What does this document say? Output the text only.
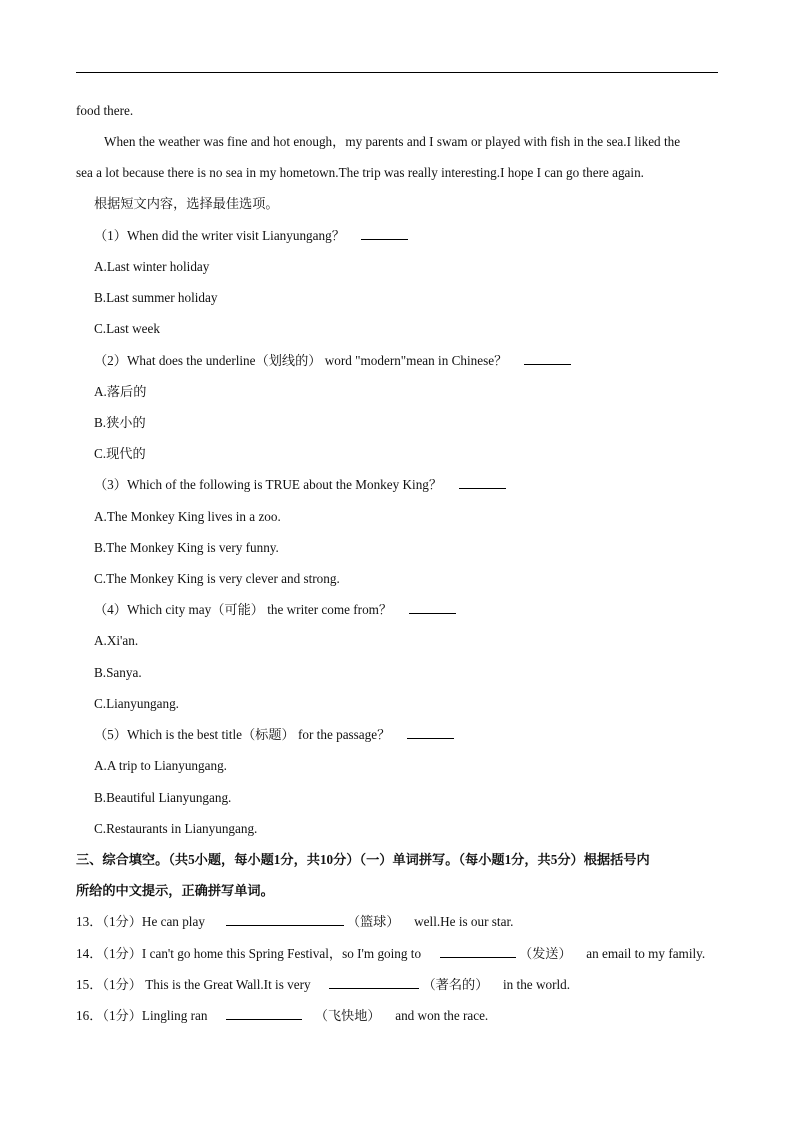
food there.
When the weather was fine and hot enough，my parents and I swam or played with fish in the sea.I liked the
sea a lot because there is no sea in my hometown.The trip was really interesting.I hope I can go there again.
根据短文内容，选择最佳选项。
（1）When did the writer visit Lianyungang？
A.Last winter holiday
B.Last summer holiday
C.Last week
（2）What does the underline（划线的） word "modern"mean in Chinese？
A.落后的
B.狭小的
C.现代的
（3）Which of the following is TRUE about the Monkey King？
A.The Monkey King lives in a zoo.
B.The Monkey King is very funny.
C.The Monkey King is very clever and strong.
（4）Which city may（可能） the writer come from？
A.Xi'an.
B.Sanya.
C.Lianyungang.
（5）Which is the best title（标题） for the passage？
A.A trip to Lianyungang.
B.Beautiful Lianyungang.
C.Restaurants in Lianyungang.
三、综合填空。（共5小题，每小题1分，共10分）（一）单词拼写。（每小题1分，共5分）根据括号内
所给的中文提示，正确拼写单词。
13．（1分）He can play	（篮球） well.He is our star.
14．（1分）I can't go home this Spring Festival，so I'm going to	（发送） an email to my family.
15．（1分） This is the Great Wall.It is very	（著名的） in the world.
16．（1分）Lingling ran	（飞快地） and won the race.
